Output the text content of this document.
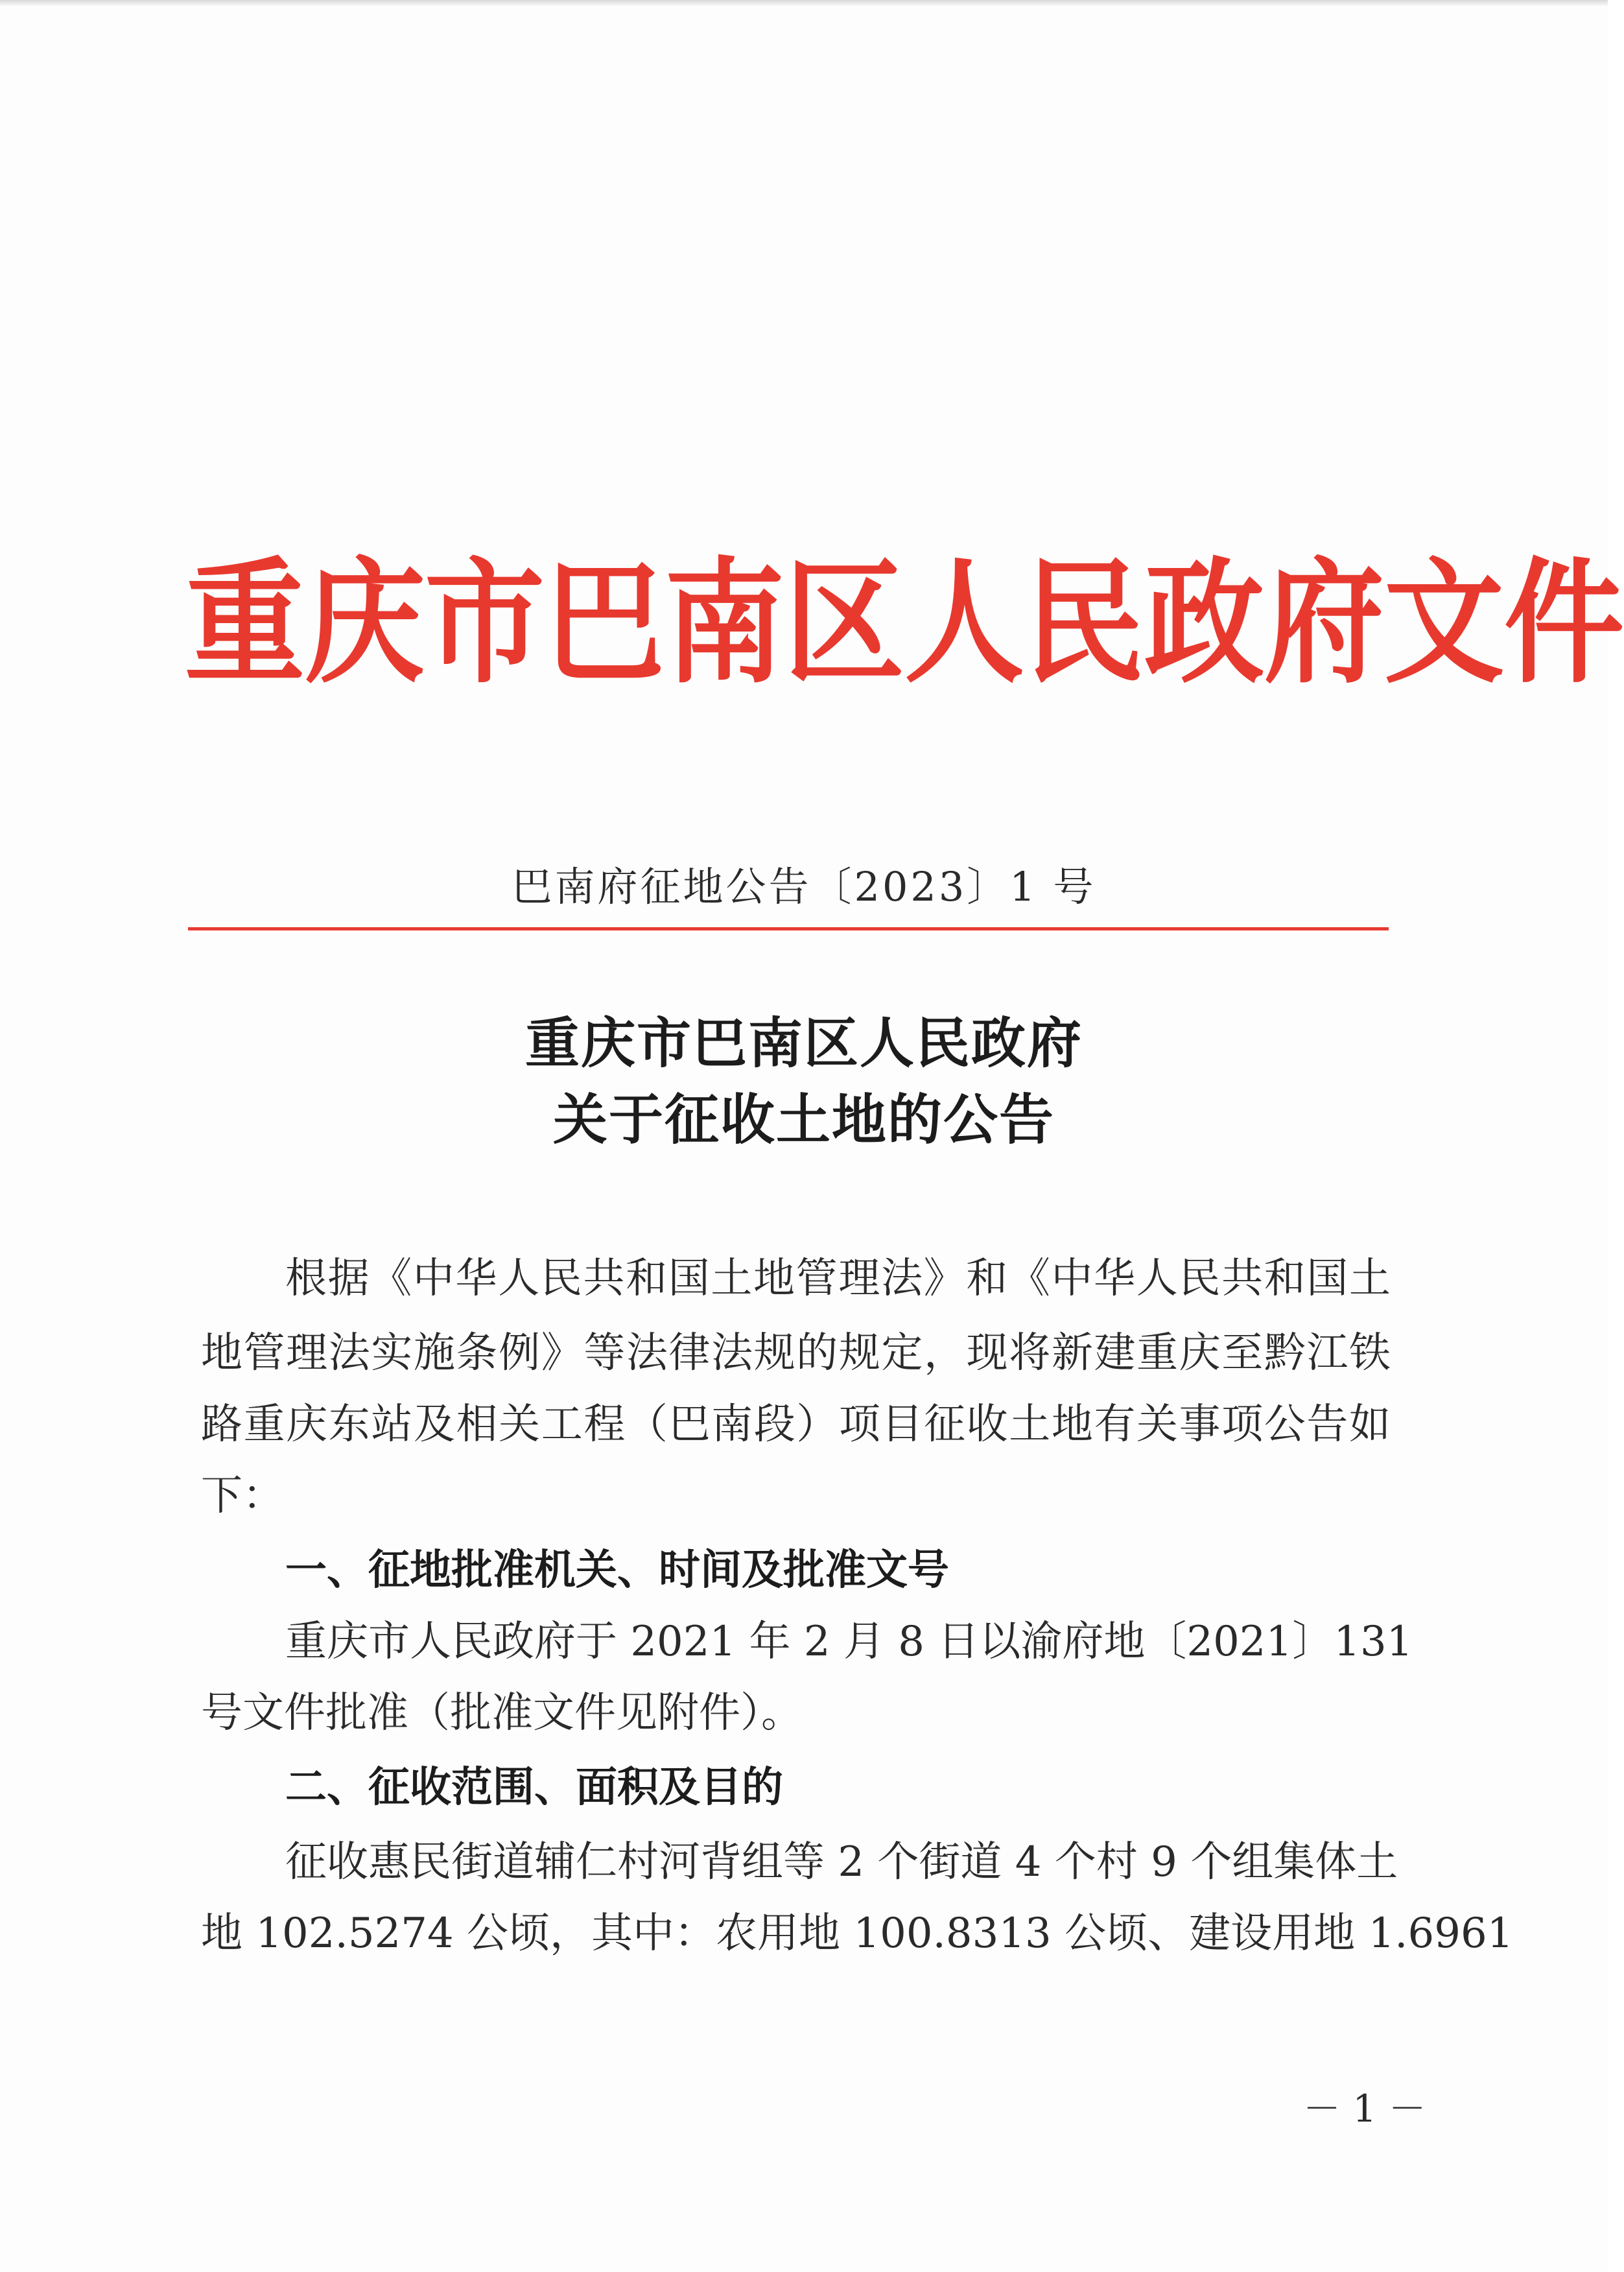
重 庆 市 巴 南 区 人 民 政 府 文 件
巴南府征地公告〔2023〕1 号
重庆市巴南区人民政府
关于征收土地的公告
根据《中华人民共和国土地管理法》和《中华人民共和国土
地管理法实施条例》等法律法规的规定，现将新建重庆至黔江铁
路重庆东站及相关工程（巴南段）项目征收土地有关事项公告如
下：
一、征地批准机关、时间及批准文号
重庆市人民政府于 2021 年 2 月 8 日以渝府地〔2021〕131
号文件批准（批准文件见附件）。
二、征收范围、面积及目的
征收惠民街道辅仁村河背组等 2 个街道 4 个村 9 个组集体土
地 102.5274 公顷，其中：农用地 100.8313 公顷、建设用地 1.6961
－ 1 －
